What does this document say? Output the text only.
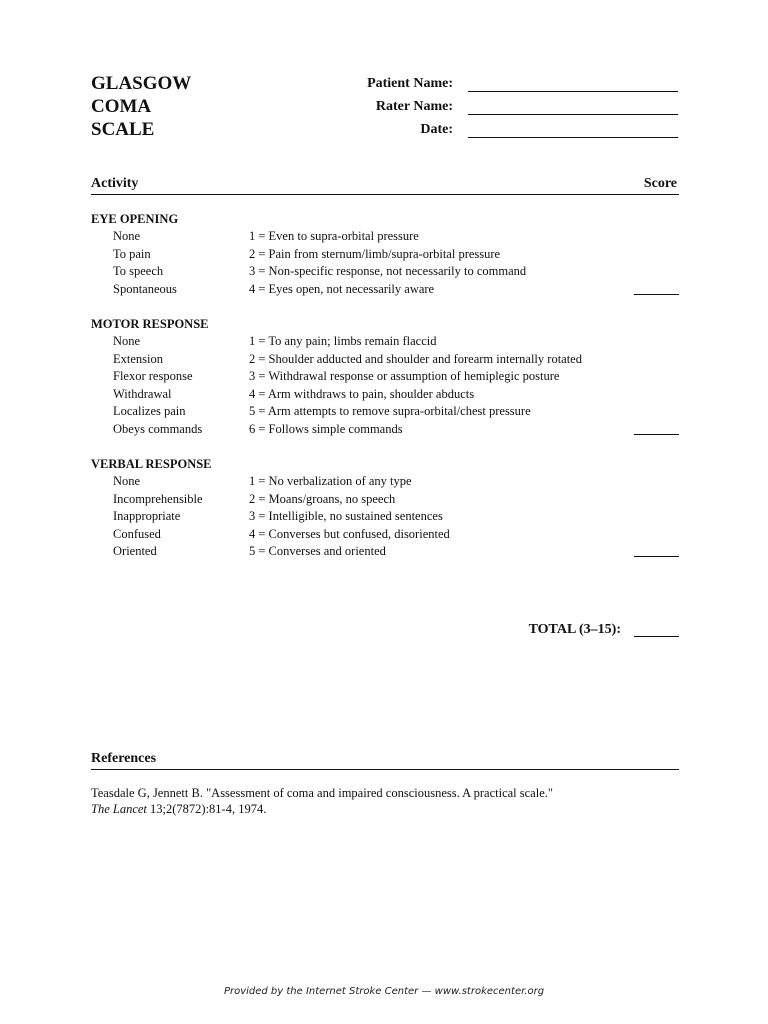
GLASGOW
COMA
SCALE
Patient Name:
Rater Name:
Date:
Activity	Score
EYE OPENING
None	1 = Even to supra-orbital pressure
To pain	2 = Pain from sternum/limb/supra-orbital pressure
To speech	3 = Non-specific response, not necessarily to command
Spontaneous	4 = Eyes open, not necessarily aware
MOTOR RESPONSE
None	1 = To any pain; limbs remain flaccid
Extension	2 = Shoulder adducted and shoulder and forearm internally rotated
Flexor response	3 = Withdrawal response or assumption of hemiplegic posture
Withdrawal	4 = Arm withdraws to pain, shoulder abducts
Localizes pain	5 = Arm attempts to remove supra-orbital/chest pressure
Obeys commands	6 = Follows simple commands
VERBAL RESPONSE
None	1 = No verbalization of any type
Incomprehensible	2 = Moans/groans, no speech
Inappropriate	3 = Intelligible, no sustained sentences
Confused	4 = Converses but confused, disoriented
Oriented	5 = Converses and oriented
TOTAL (3–15):
References
Teasdale G, Jennett B. "Assessment of coma and impaired consciousness. A practical scale."
The Lancet 13;2(7872):81-4, 1974.
Provided by the Internet Stroke Center — www.strokecenter.org
